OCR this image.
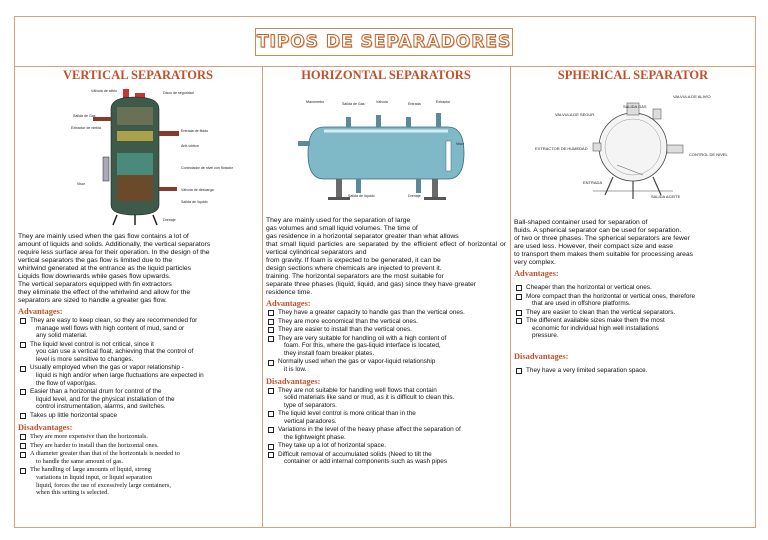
TIPOS DE SEPARADORES
VERTICAL SEPARATORS
Válvula de alivio	Disco de seguridad
Salida de Gas
Extractor de niebla
Entrada de fluido
Anti-vórtice
Controlador de nivel con flotador
Visor
Válvula de descarga
Salida de líquido
Drenaje

They are mainly used when the gas flow contains a lot of
amount of liquids and solids. Additionally, the vertical separators
require less surface area for their operation. In the design of the
vertical separators the gas flow is limited due to the
whirlwind generated at the entrance as the liquid particles
Liquids flow downwards while gases flow upwards.
The vertical separators equipped with fin extractors
they eliminate the effect of the whirlwind and allow for the
separators are sized to handle a greater gas flow.

Advantages:
They are easy to keep clean, so they are recommended for
manage well flows with high content of mud, sand or
any solid material.
The liquid level control is not critical, since it
you can use a vertical float, achieving that the control of
level is more sensitive to changes.
Usually employed when the gas or vapor relationship -
liquid is high and/or when large fluctuations are expected in
the flow of vapor/gas.
Easier than a horizontal drum for control of the
liquid level, and for the physical installation of the
control instrumentation, alarms, and switches.
Takes up little horizontal space
Disadvantages:
They are more expensive than the horizontals.
They are harder to install than the horizontal ones.
A diameter greater than that of the horizontals is needed to
to handle the same amount of gas.
The handling of large amounts of liquid, strong
variations in liquid input, or liquid separation
liquid, forces the use of excessively large containers,
when this setting is selected.
HORIZONTAL SEPARATORS
Manómetro	Salida de Gas	Válvula	Entrada	Extractor
Visor
Salida de líquido	Drenaje

They are mainly used for the separation of large
gas volumes and small liquid volumes. The time of
gas residence in a horizontal separator greater than what allows
that small liquid particles are separated by the efficient effect of horizontal or vertical cylindrical separators and
from gravity. If foam is expected to be generated, it can be
design sections where chemicals are injected to prevent it.
training. The horizontal separators are the most suitable for
separate three phases (liquid, liquid, and gas) since they have greater
residence time.

Advantages:
They have a greater capacity to handle gas than the vertical ones.
They are more economical than the vertical ones.
They are easier to install than the vertical ones.
They are very suitable for handling oil with a high content of
foam. For this, where the gas-liquid interface is located,
they install foam breaker plates.
Normally used when the gas or vapor-liquid relationship
it is low.
Disadvantages:
They are not suitable for handling well flows that contain
solid materials like sand or mud, as it is difficult to clean this.
type of separators.
The liquid level control is more critical than in the
vertical paradores.
Variations in the level of the heavy phase affect the separation of
the lightweight phase.
They take up a lot of horizontal space.
Difficult removal of accumulated solids (Need to tilt the
container or add internal components such as wash pipes
SPHERICAL SEPARATOR
VALVULA DE ALIVIO
SALIDA GAS
VALVULA DE SEGUR.
EXTRACTOR DE HUMEDAD
CONTROL DE NIVEL
ENTRADA
SALIDA ACEITE

Ball-shaped container used for separation of
fluids. A spherical separator can be used for separation.
of two or three phases. The spherical separators are fewer
are used less. However, their compact size and ease
to transport them makes them suitable for processing areas
very complex.

Advantages:
Cheaper than the horizontal or vertical ones.
More compact than the horizontal or vertical ones, therefore
that are used in offshore platforms.
They are easier to clean than the vertical separators.
The different available sizes make them the most
economic for individual high well installations
pressure.
Disadvantages:
They have a very limited separation space.
